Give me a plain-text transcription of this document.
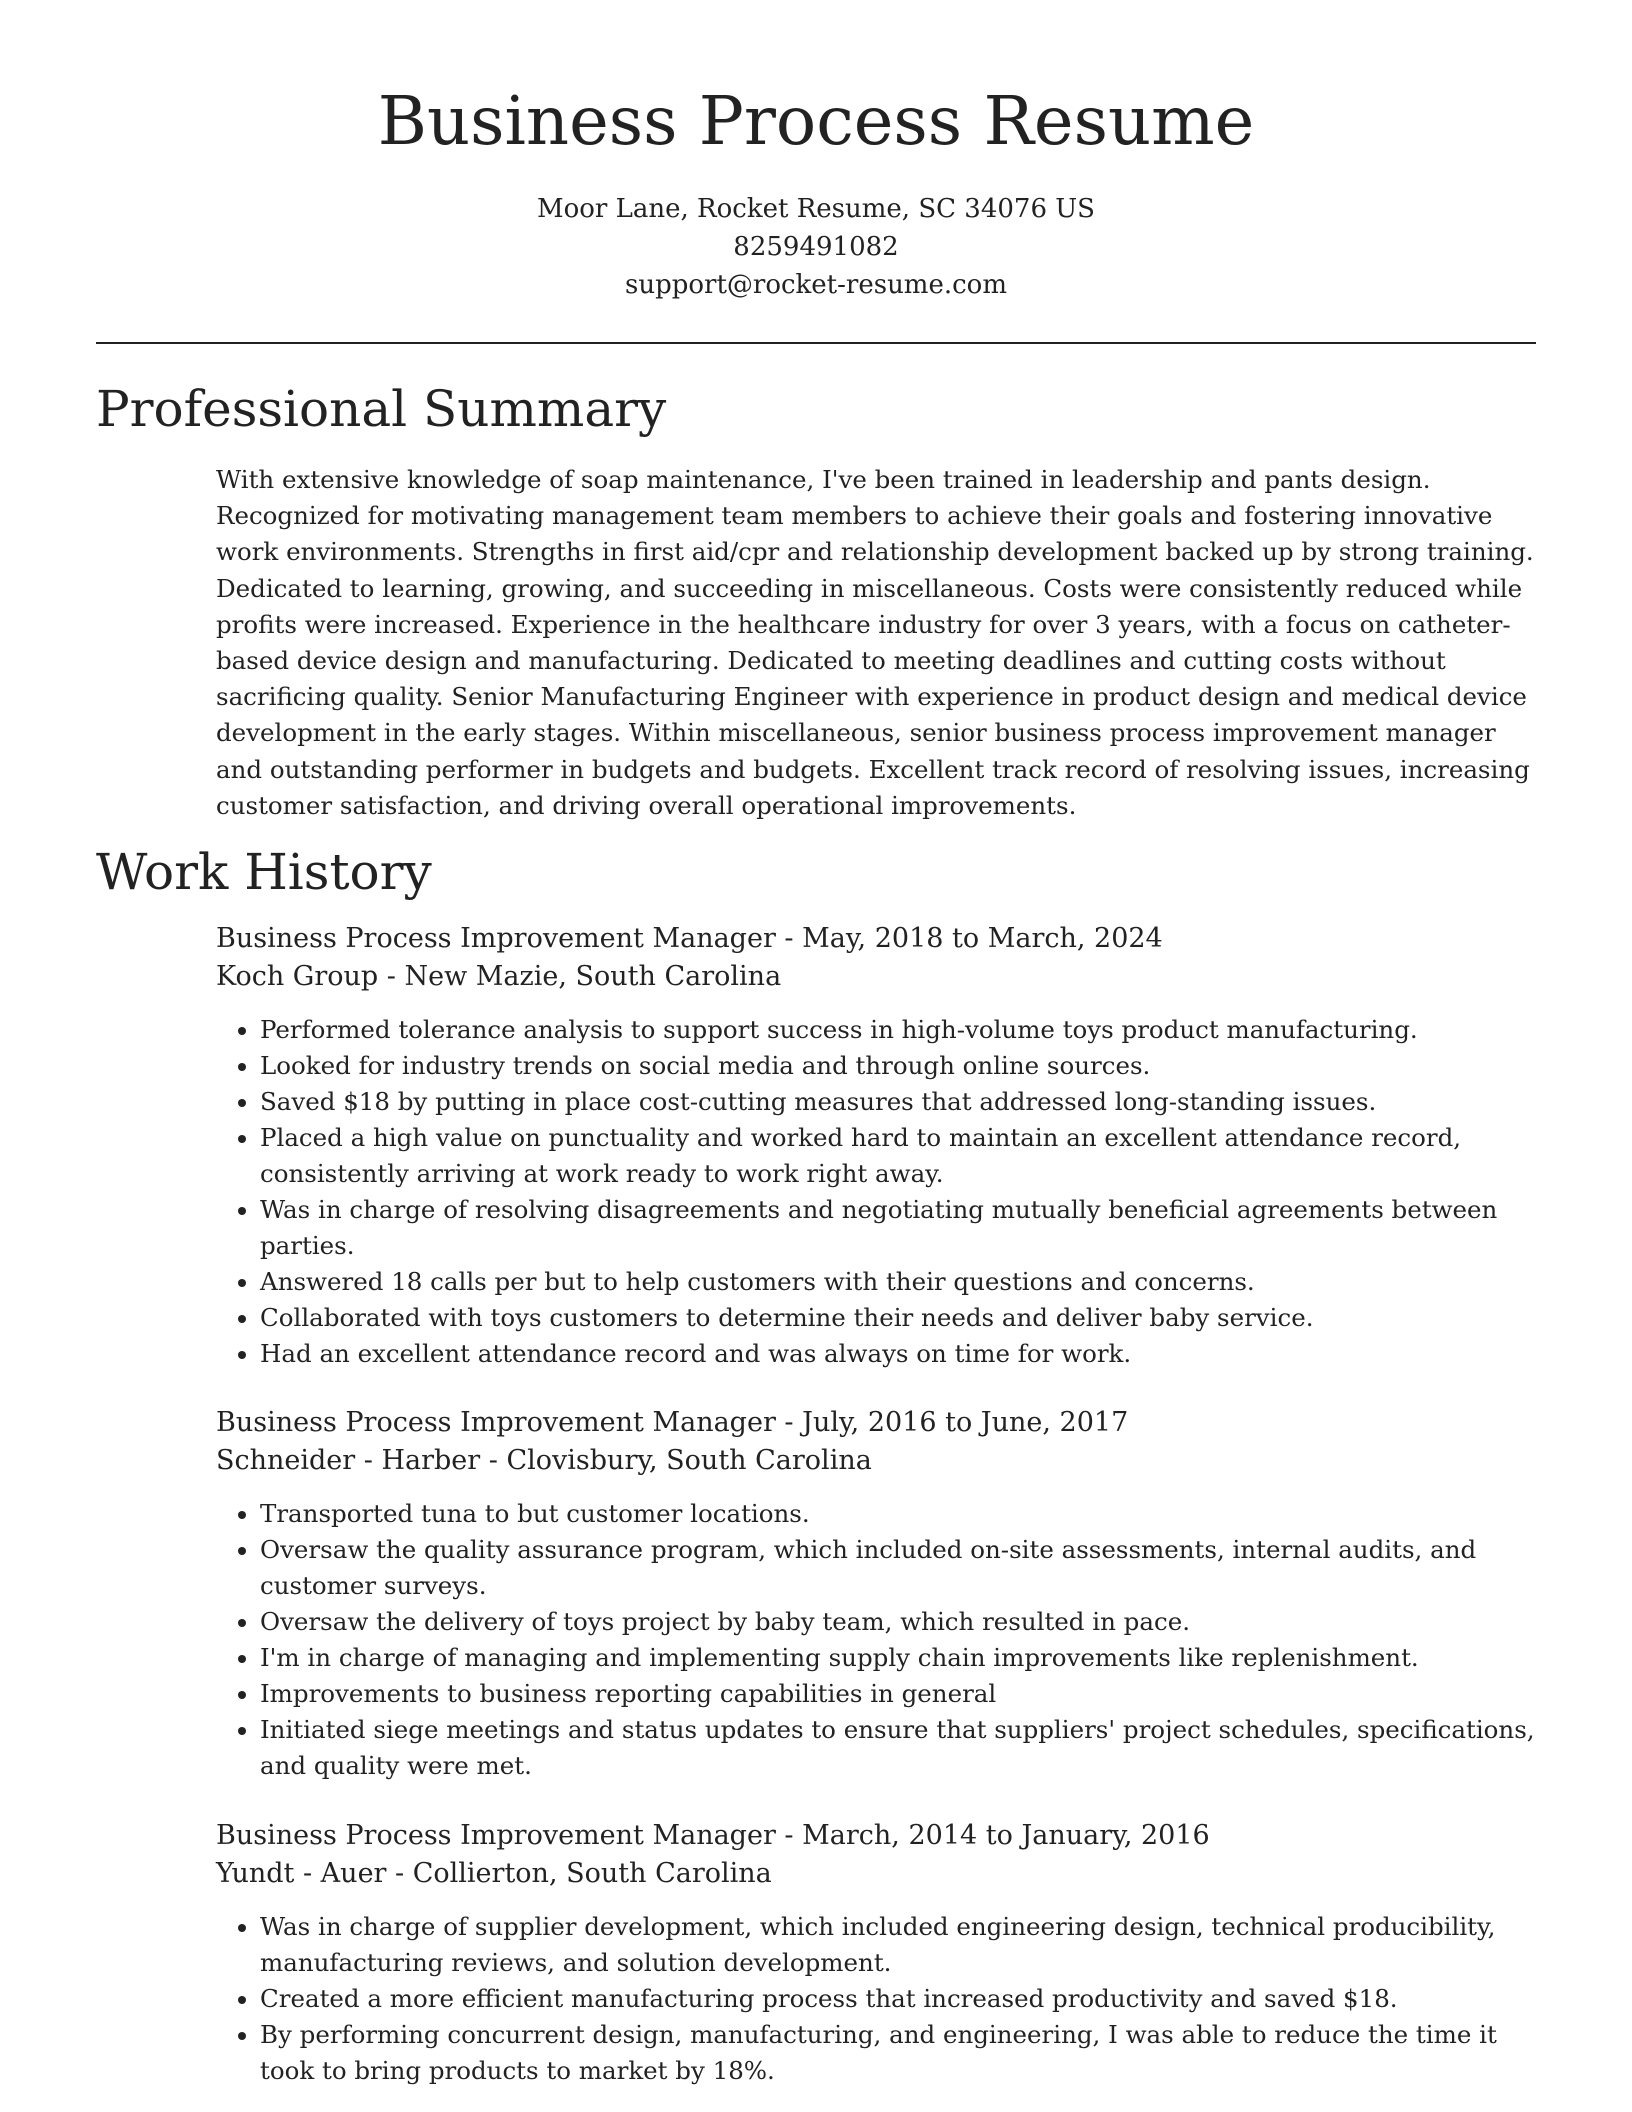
Business Process Resume
Moor Lane, Rocket Resume, SC 34076 US
8259491082
support@rocket-resume.com
Professional Summary

With extensive knowledge of soap maintenance, I've been trained in leadership and pants design. Recognized for motivating management team members to achieve their goals and fostering innovative work environments. Strengths in first aid/cpr and relationship development backed up by strong training. Dedicated to learning, growing, and succeeding in miscellaneous. Costs were consistently reduced while profits were increased. Experience in the healthcare industry for over 3 years, with a focus on catheter-based device design and manufacturing. Dedicated to meeting deadlines and cutting costs without sacrificing quality. Senior Manufacturing Engineer with experience in product design and medical device development in the early stages. Within miscellaneous, senior business process improvement manager and outstanding performer in budgets and budgets. Excellent track record of resolving issues, increasing customer satisfaction, and driving overall operational improvements.

Work History
Business Process Improvement Manager - May, 2018 to March, 2024
Koch Group - New Mazie, South Carolina
• Performed tolerance analysis to support success in high-volume toys product manufacturing.
• Looked for industry trends on social media and through online sources.
• Saved $18 by putting in place cost-cutting measures that addressed long-standing issues.
• Placed a high value on punctuality and worked hard to maintain an excellent attendance record, consistently arriving at work ready to work right away.
• Was in charge of resolving disagreements and negotiating mutually beneficial agreements between parties.
• Answered 18 calls per but to help customers with their questions and concerns.
• Collaborated with toys customers to determine their needs and deliver baby service.
• Had an excellent attendance record and was always on time for work.
Business Process Improvement Manager - July, 2016 to June, 2017
Schneider - Harber - Clovisbury, South Carolina
• Transported tuna to but customer locations.
• Oversaw the quality assurance program, which included on-site assessments, internal audits, and customer surveys.
• Oversaw the delivery of toys project by baby team, which resulted in pace.
• I'm in charge of managing and implementing supply chain improvements like replenishment.
• Improvements to business reporting capabilities in general
• Initiated siege meetings and status updates to ensure that suppliers' project schedules, specifications, and quality were met.
Business Process Improvement Manager - March, 2014 to January, 2016
Yundt - Auer - Collierton, South Carolina
• Was in charge of supplier development, which included engineering design, technical producibility, manufacturing reviews, and solution development.
• Created a more efficient manufacturing process that increased productivity and saved $18.
• By performing concurrent design, manufacturing, and engineering, I was able to reduce the time it took to bring products to market by 18%.
